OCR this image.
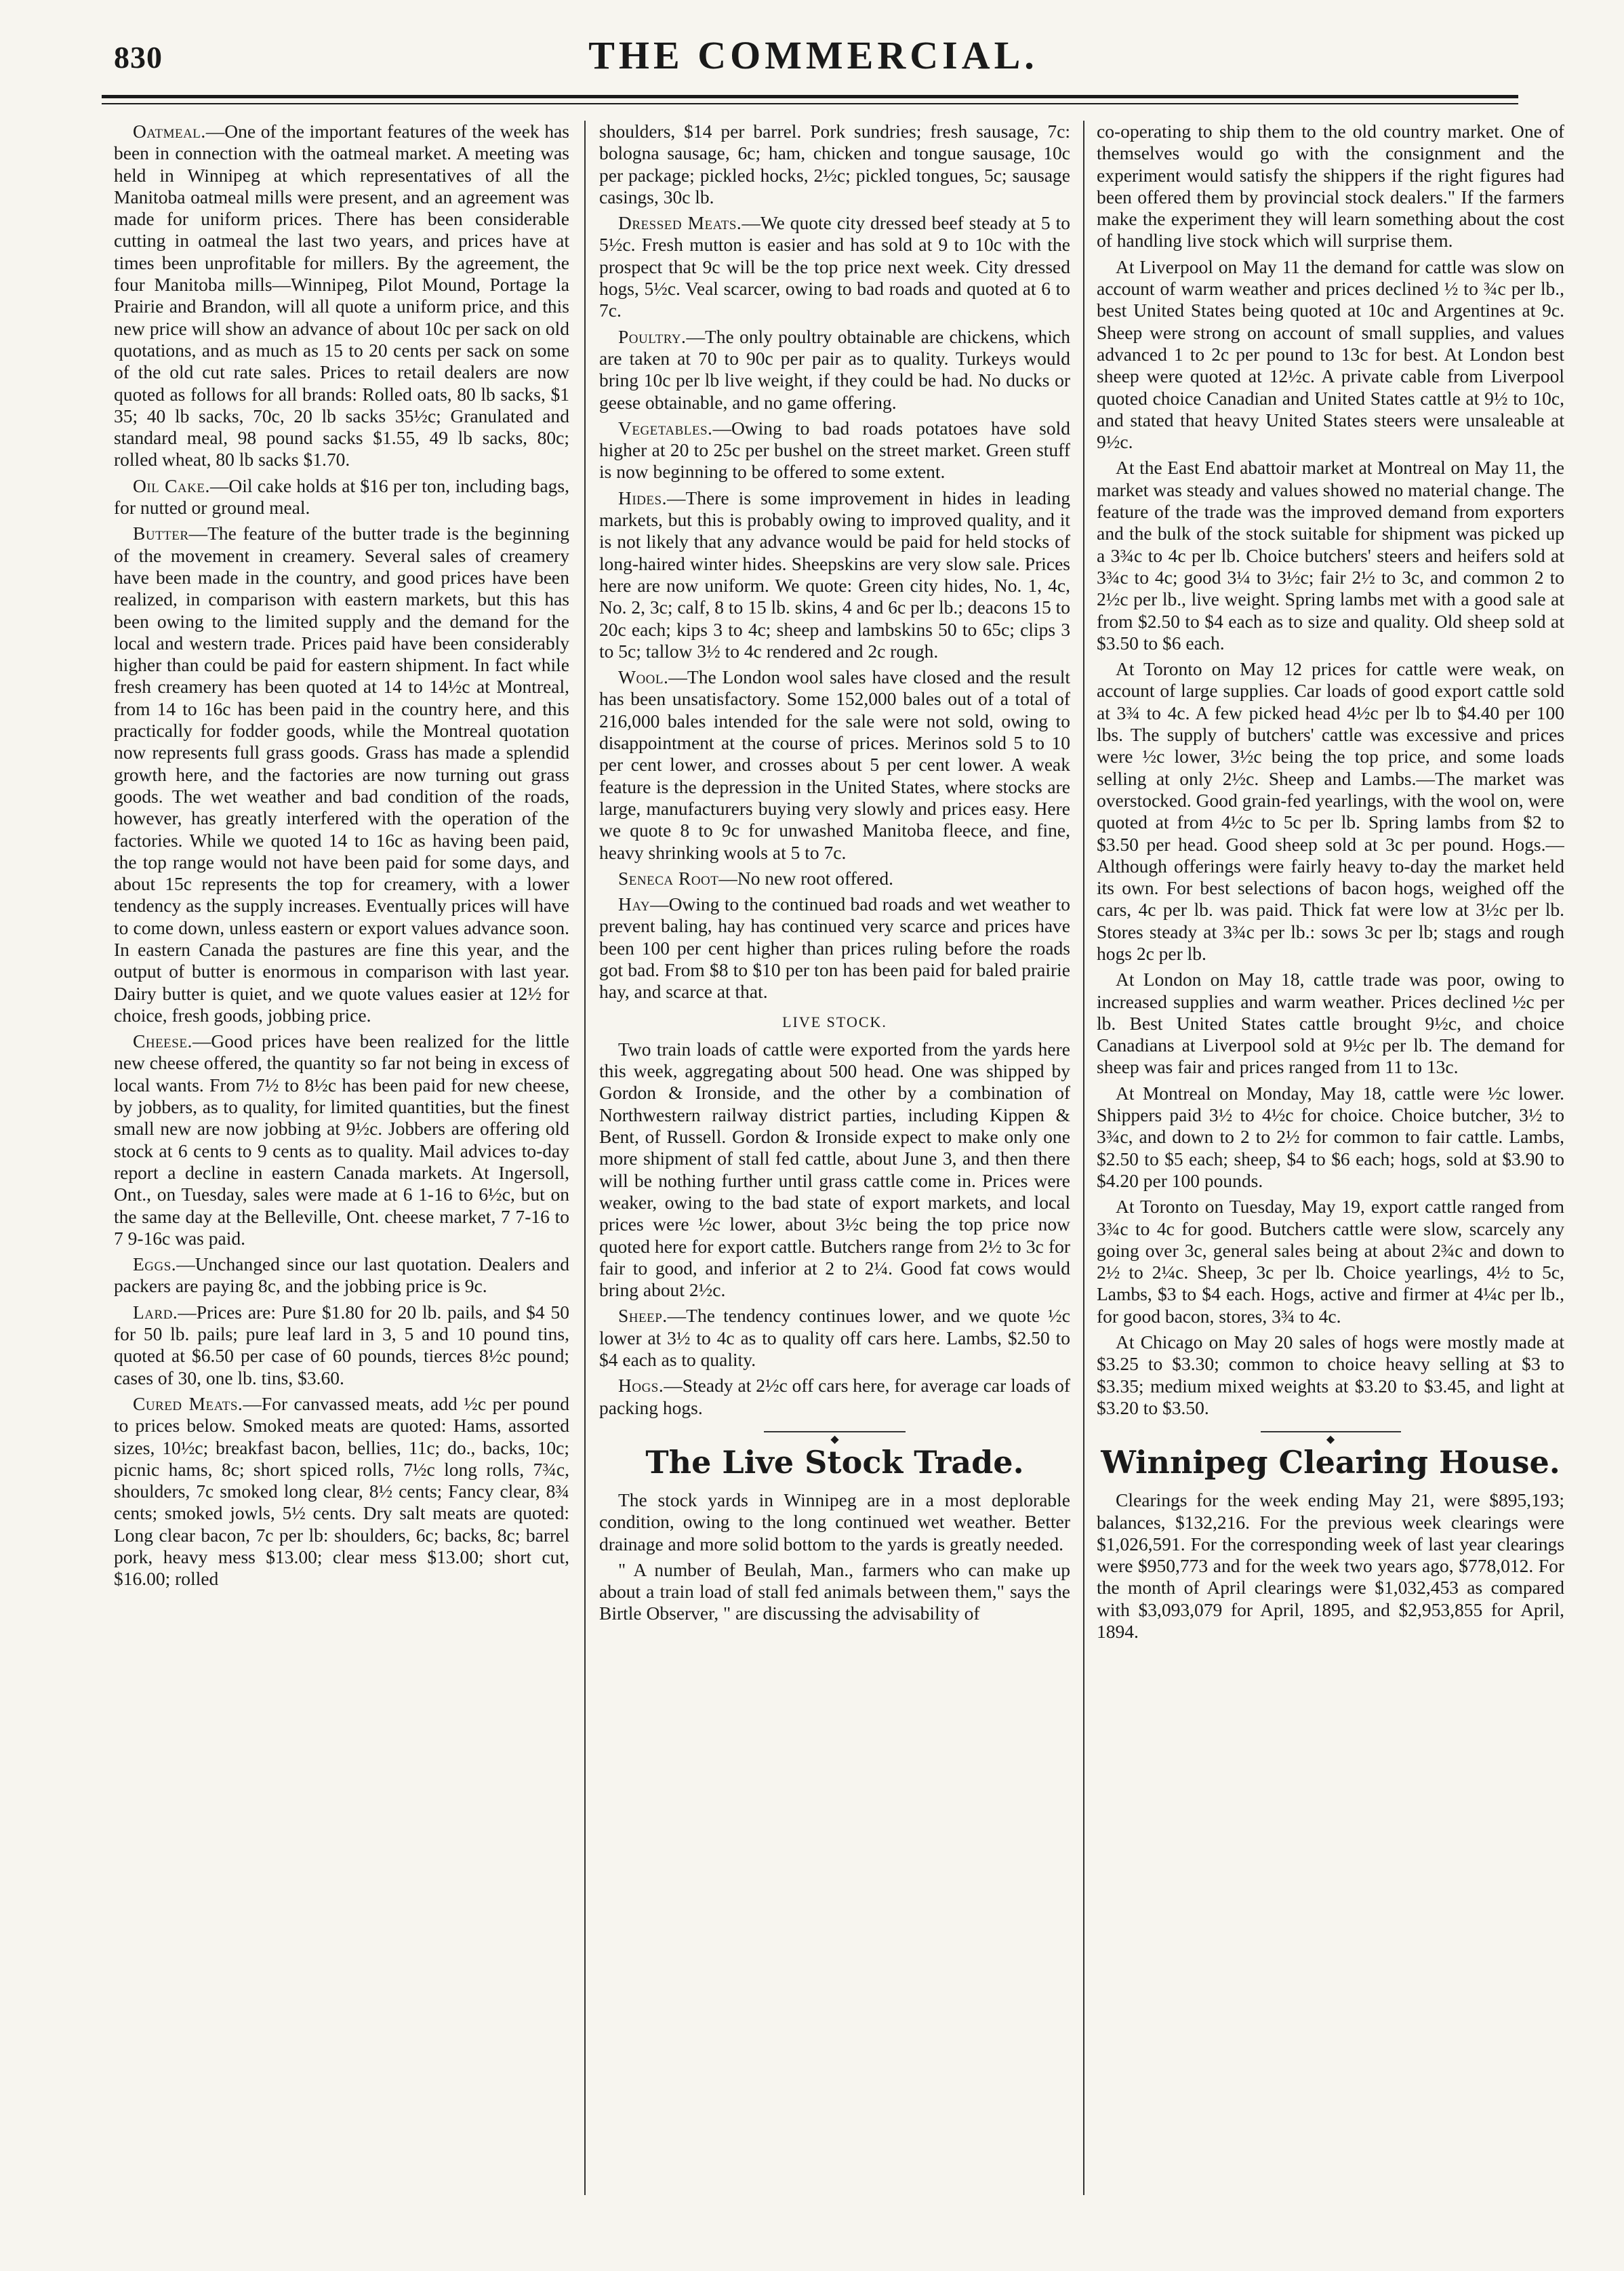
830	THE COMMERCIAL.

Oatmeal.—One of the important features of the week has been in connection with the oatmeal market. A meeting was held in Winnipeg at which representatives of all the Manitoba oatmeal mills were present, and an agreement was made for uniform prices. There has been considerable cutting in oatmeal the last two years, and prices have at times been unprofitable for millers. By the agreement, the four Manitoba mills—Winnipeg, Pilot Mound, Portage la Prairie and Brandon, will all quote a uniform price, and this new price will show an advance of about 10c per sack on old quotations, and as much as 15 to 20 cents per sack on some of the old cut rate sales. Prices to retail dealers are now quoted as follows for all brands: Rolled oats, 80 lb sacks, $1 35; 40 lb sacks, 70c, 20 lb sacks 35½c; Granulated and standard meal, 98 pound sacks $1.55, 49 lb sacks, 80c; rolled wheat, 80 lb sacks $1.70.

Oil Cake.—Oil cake holds at $16 per ton, including bags, for nutted or ground meal.

Butter—The feature of the butter trade is the beginning of the movement in creamery. Several sales of creamery have been made in the country, and good prices have been realized, in comparison with eastern markets, but this has been owing to the limited supply and the demand for the local and western trade. Prices paid have been considerably higher than could be paid for eastern shipment. In fact while fresh creamery has been quoted at 14 to 14½c at Montreal, from 14 to 16c has been paid in the country here, and this practically for fodder goods, while the Montreal quotation now represents full grass goods. Grass has made a splendid growth here, and the factories are now turning out grass goods. The wet weather and bad condition of the roads, however, has greatly interfered with the operation of the factories. While we quoted 14 to 16c as having been paid, the top range would not have been paid for some days, and about 15c represents the top for creamery, with a lower tendency as the supply increases. Eventually prices will have to come down, unless eastern or export values advance soon. In eastern Canada the pastures are fine this year, and the output of butter is enormous in comparison with last year. Dairy butter is quiet, and we quote values easier at 12½ for choice, fresh goods, jobbing price.

Cheese.—Good prices have been realized for the little new cheese offered, the quantity so far not being in excess of local wants. From 7½ to 8½c has been paid for new cheese, by jobbers, as to quality, for limited quantities, but the finest small new are now jobbing at 9½c. Jobbers are offering old stock at 6 cents to 9 cents as to quality. Mail advices to-day report a decline in eastern Canada markets. At Ingersoll, Ont., on Tuesday, sales were made at 6 1-16 to 6½c, but on the same day at the Belleville, Ont. cheese market, 7 7-16 to 7 9-16c was paid.

Eggs.—Unchanged since our last quotation. Dealers and packers are paying 8c, and the jobbing price is 9c.

Lard.—Prices are: Pure $1.80 for 20 lb. pails, and $4 50 for 50 lb. pails; pure leaf lard in 3, 5 and 10 pound tins, quoted at $6.50 per case of 60 pounds, tierces 8½c pound; cases of 30, one lb. tins, $3.60.

Cured Meats.—For canvassed meats, add ½c per pound to prices below. Smoked meats are quoted: Hams, assorted sizes, 10½c; breakfast bacon, bellies, 11c; do., backs, 10c; picnic hams, 8c; short spiced rolls, 7½c long rolls, 7¾c, shoulders, 7c smoked long clear, 8½ cents; Fancy clear, 8¾ cents; smoked jowls, 5½ cents. Dry salt meats are quoted: Long clear bacon, 7c per lb: shoulders, 6c; backs, 8c; barrel pork, heavy mess $13.00; clear mess $13.00; short cut, $16.00; rolled

shoulders, $14 per barrel. Pork sundries; fresh sausage, 7c: bologna sausage, 6c; ham, chicken and tongue sausage, 10c per package; pickled hocks, 2½c; pickled tongues, 5c; sausage casings, 30c lb.

Dressed Meats.—We quote city dressed beef steady at 5 to 5½c. Fresh mutton is easier and has sold at 9 to 10c with the prospect that 9c will be the top price next week. City dressed hogs, 5½c. Veal scarcer, owing to bad roads and quoted at 6 to 7c.

Poultry.—The only poultry obtainable are chickens, which are taken at 70 to 90c per pair as to quality. Turkeys would bring 10c per lb live weight, if they could be had. No ducks or geese obtainable, and no game offering.

Vegetables.—Owing to bad roads potatoes have sold higher at 20 to 25c per bushel on the street market. Green stuff is now beginning to be offered to some extent.

Hides.—There is some improvement in hides in leading markets, but this is probably owing to improved quality, and it is not likely that any advance would be paid for held stocks of long-haired winter hides. Sheepskins are very slow sale. Prices here are now uniform. We quote: Green city hides, No. 1, 4c, No. 2, 3c; calf, 8 to 15 lb. skins, 4 and 6c per lb.; deacons 15 to 20c each; kips 3 to 4c; sheep and lambskins 50 to 65c; clips 3 to 5c; tallow 3½ to 4c rendered and 2c rough.

Wool.—The London wool sales have closed and the result has been unsatisfactory. Some 152,000 bales out of a total of 216,000 bales intended for the sale were not sold, owing to disappointment at the course of prices. Merinos sold 5 to 10 per cent lower, and crosses about 5 per cent lower. A weak feature is the depression in the United States, where stocks are large, manufacturers buying very slowly and prices easy. Here we quote 8 to 9c for unwashed Manitoba fleece, and fine, heavy shrinking wools at 5 to 7c.

Seneca Root—No new root offered.

Hay—Owing to the continued bad roads and wet weather to prevent baling, hay has continued very scarce and prices have been 100 per cent higher than prices ruling before the roads got bad. From $8 to $10 per ton has been paid for baled prairie hay, and scarce at that.

LIVE STOCK.

Two train loads of cattle were exported from the yards here this week, aggregating about 500 head. One was shipped by Gordon & Ironside, and the other by a combination of Northwestern railway district parties, including Kippen & Bent, of Russell. Gordon & Ironside expect to make only one more shipment of stall fed cattle, about June 3, and then there will be nothing further until grass cattle come in. Prices were weaker, owing to the bad state of export markets, and local prices were ½c lower, about 3½c being the top price now quoted here for export cattle. Butchers range from 2½ to 3c for fair to good, and inferior at 2 to 2¼. Good fat cows would bring about 2½c.

Sheep.—The tendency continues lower, and we quote ½c lower at 3½ to 4c as to quality off cars here. Lambs, $2.50 to $4 each as to quality.

Hogs.—Steady at 2½c off cars here, for average car loads of packing hogs.

◆
The Live Stock Trade.

The stock yards in Winnipeg are in a most deplorable condition, owing to the long continued wet weather. Better drainage and more solid bottom to the yards is greatly needed.

" A number of Beulah, Man., farmers who can make up about a train load of stall fed animals between them," says the Birtle Observer, " are discussing the advisability of

co-operating to ship them to the old country market. One of themselves would go with the consignment and the experiment would satisfy the shippers if the right figures had been offered them by provincial stock dealers." If the farmers make the experiment they will learn something about the cost of handling live stock which will surprise them.

At Liverpool on May 11 the demand for cattle was slow on account of warm weather and prices declined ½ to ¾c per lb., best United States being quoted at 10c and Argentines at 9c. Sheep were strong on account of small supplies, and values advanced 1 to 2c per pound to 13c for best. At London best sheep were quoted at 12½c. A private cable from Liverpool quoted choice Canadian and United States cattle at 9½ to 10c, and stated that heavy United States steers were unsaleable at 9½c.

At the East End abattoir market at Montreal on May 11, the market was steady and values showed no material change. The feature of the trade was the improved demand from exporters and the bulk of the stock suitable for shipment was picked up a 3¾c to 4c per lb. Choice butchers' steers and heifers sold at 3¾c to 4c; good 3¼ to 3½c; fair 2½ to 3c, and common 2 to 2½c per lb., live weight. Spring lambs met with a good sale at from $2.50 to $4 each as to size and quality. Old sheep sold at $3.50 to $6 each.

At Toronto on May 12 prices for cattle were weak, on account of large supplies. Car loads of good export cattle sold at 3¾ to 4c. A few picked head 4½c per lb to $4.40 per 100 lbs. The supply of butchers' cattle was excessive and prices were ½c lower, 3½c being the top price, and some loads selling at only 2½c. Sheep and Lambs.—The market was overstocked. Good grain-fed yearlings, with the wool on, were quoted at from 4½c to 5c per lb. Spring lambs from $2 to $3.50 per head. Good sheep sold at 3c per pound. Hogs.—Although offerings were fairly heavy to-day the market held its own. For best selections of bacon hogs, weighed off the cars, 4c per lb. was paid. Thick fat were low at 3½c per lb. Stores steady at 3¾c per lb.: sows 3c per lb; stags and rough hogs 2c per lb.

At London on May 18, cattle trade was poor, owing to increased supplies and warm weather. Prices declined ½c per lb. Best United States cattle brought 9½c, and choice Canadians at Liverpool sold at 9½c per lb. The demand for sheep was fair and prices ranged from 11 to 13c.

At Montreal on Monday, May 18, cattle were ½c lower. Shippers paid 3½ to 4½c for choice. Choice butcher, 3½ to 3¾c, and down to 2 to 2½ for common to fair cattle. Lambs, $2.50 to $5 each; sheep, $4 to $6 each; hogs, sold at $3.90 to $4.20 per 100 pounds.

At Toronto on Tuesday, May 19, export cattle ranged from 3¾c to 4c for good. Butchers cattle were slow, scarcely any going over 3c, general sales being at about 2¾c and down to 2½ to 2¼c. Sheep, 3c per lb. Choice yearlings, 4½ to 5c, Lambs, $3 to $4 each. Hogs, active and firmer at 4¼c per lb., for good bacon, stores, 3¾ to 4c.

At Chicago on May 20 sales of hogs were mostly made at $3.25 to $3.30; common to choice heavy selling at $3 to $3.35; medium mixed weights at $3.20 to $3.45, and light at $3.20 to $3.50.

◆
Winnipeg Clearing House.

Clearings for the week ending May 21, were $895,193; balances, $132,216. For the previous week clearings were $1,026,591. For the corresponding week of last year clearings were $950,773 and for the week two years ago, $778,012. For the month of April clearings were $1,032,453 as compared with $3,093,079 for April, 1895, and $2,953,855 for April, 1894.
